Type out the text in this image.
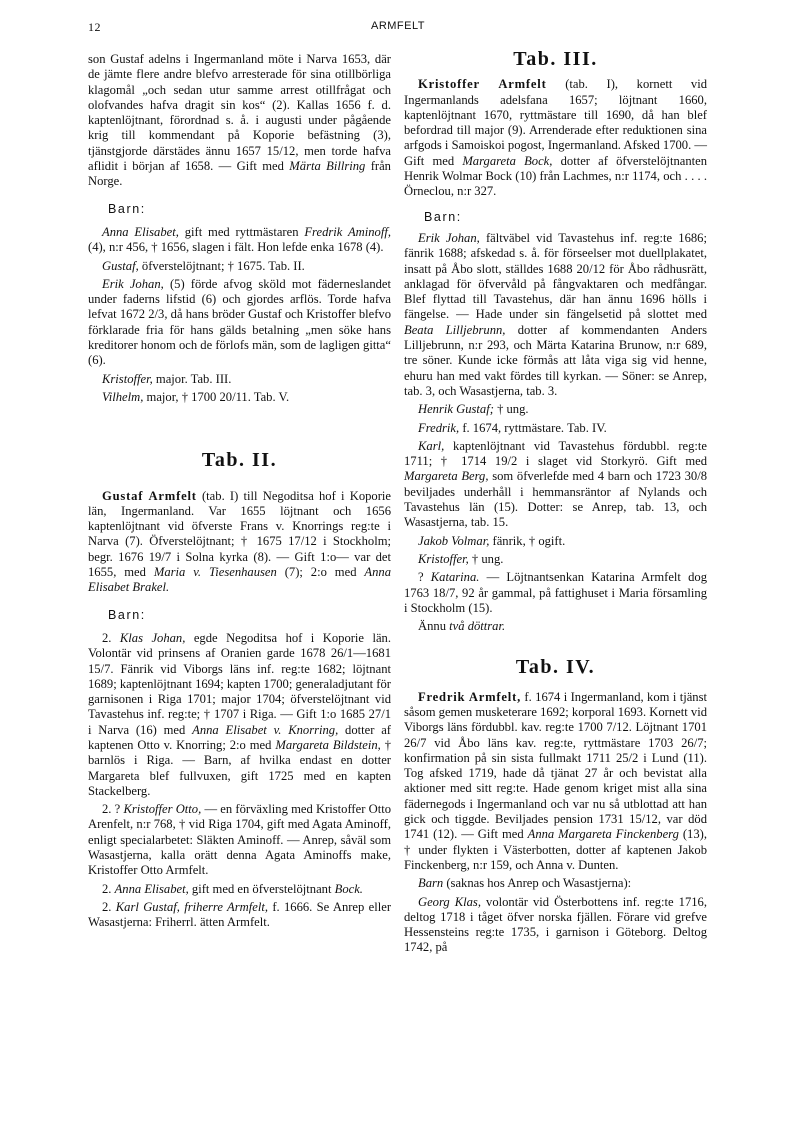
12	ARMFELT

son Gustaf adelns i Ingermanland möte i Narva 1653, där de jämte flere andre blefvo arresterade för sina otillbörliga klagomål „och sedan utur samme arrest otillfrågat och olofvandes hafva dragit sin kos“ (2). Kallas 1656 f. d. kaptenlöjtnant, förordnad s. å. i augusti under pågående krig till kommendant på Koporie befästning (3), tjänstgjorde därstädes ännu 1657 15/12, men torde hafva aflidit i början af 1658. — Gift med Märta Billring från Norge.

Barn:

Anna Elisabet, gift med ryttmästaren Fredrik Aminoff, (4), n:r 456, † 1656, slagen i fält. Hon lefde enka 1678 (4).

Gustaf, öfverstelöjtnant; † 1675. Tab. II.

Erik Johan, (5) förde afvog sköld mot fäderneslandet under faderns lifstid (6) och gjordes arflös. Torde hafva lefvat 1672 2/3, då hans bröder Gustaf och Kristoffer blefvo förklarade fria för hans gälds betalning „men söke hans kreditorer honom och de förlofs män, som de lagligen gitta“ (6).

Kristoffer, major. Tab. III.

Vilhelm, major, † 1700 20/11. Tab. V.

Tab. II.

Gustaf Armfelt (tab. I) till Negoditsa hof i Koporie län, Ingermanland. Var 1655 löjtnant och 1656 kaptenlöjtnant vid öfverste Frans v. Knorrings reg:te i Narva (7). Öfverstelöjtnant; † 1675 17/12 i Stockholm; begr. 1676 19/7 i Solna kyrka (8). — Gift 1:o— var det 1655, med Maria v. Tiesenhausen (7); 2:o med Anna Elisabet Brakel.

Barn:

2. Klas Johan, egde Negoditsa hof i Koporie län. Volontär vid prinsens af Oranien garde 1678 26/1—1681 15/7. Fänrik vid Viborgs läns inf. reg:te 1682; löjtnant 1689; kaptenlöjtnant 1694; kapten 1700; generaladjutant för garnisonen i Riga 1701; major 1704; öfverstelöjtnant vid Tavastehus inf. reg:te; † 1707 i Riga. — Gift 1:o 1685 27/1 i Narva (16) med Anna Elisabet v. Knorring, dotter af kaptenen Otto v. Knorring; 2:o med Margareta Bildstein, † barnlös i Riga. — Barn, af hvilka endast en dotter Margareta blef fullvuxen, gift 1725 med en kapten Stackelberg.

2. ? Kristoffer Otto, — en förväxling med Kristoffer Otto Arenfelt, n:r 768, † vid Riga 1704, gift med Agata Aminoff, enligt specialarbetet: Släkten Aminoff. — Anrep, såväl som Wasastjerna, kalla orätt denna Agata Aminoffs make, Kristoffer Otto Armfelt.

2. Anna Elisabet, gift med en öfverstelöjtnant Bock.

2. Karl Gustaf, friherre Armfelt, f. 1666. Se Anrep eller Wasastjerna: Friherrl. ätten Armfelt.

Tab. III.

Kristoffer Armfelt (tab. I), kornett vid Ingermanlands adelsfana 1657; löjtnant 1660, kaptenlöjtnant 1670, ryttmästare till 1690, då han blef befordrad till major (9). Arrenderade efter reduktionen sina arfgods i Samoiskoi pogost, Ingermanland. Afsked 1700. — Gift med Margareta Bock, dotter af öfverstelöjtnanten Henrik Wolmar Bock (10) från Lachmes, n:r 1174, och . . . . Örneclou, n:r 327.

Barn:

Erik Johan, fältväbel vid Tavastehus inf. reg:te 1686; fänrik 1688; afskedad s. å. för förseelser mot duellplakatet, insatt på Åbo slott, ställdes 1688 20/12 för Åbo rådhusrätt, anklagad för öfvervåld på fångvaktaren och medfångar. Blef flyttad till Tavastehus, där han ännu 1696 hölls i fängelse. — Hade under sin fängelsetid på slottet med Beata Lilljebrunn, dotter af kommendanten Anders Lilljebrunn, n:r 293, och Märta Katarina Brunow, n:r 689, tre söner. Kunde icke förmås att låta viga sig vid henne, ehuru han med vakt fördes till kyrkan. — Söner: se Anrep, tab. 3, och Wasastjerna, tab. 3.

Henrik Gustaf; † ung.

Fredrik, f. 1674, ryttmästare. Tab. IV.

Karl, kaptenlöjtnant vid Tavastehus fördubbl. reg:te 1711; † 1714 19/2 i slaget vid Storkyrö. Gift med Margareta Berg, som öfverlefde med 4 barn och 1723 30/8 beviljades underhåll i hemmansräntor af Nylands och Tavastehus län (15). Dotter: se Anrep, tab. 13, och Wasastjerna, tab. 15.

Jakob Volmar, fänrik, † ogift.

Kristoffer, † ung.

? Katarina. — Löjtnantsenkan Katarina Armfelt dog 1763 18/7, 92 år gammal, på fattighuset i Maria församling i Stockholm (15).

Ännu två döttrar.

Tab. IV.

Fredrik Armfelt, f. 1674 i Ingermanland, kom i tjänst såsom gemen musketerare 1692; korporal 1693. Kornett vid Viborgs läns fördubbl. kav. reg:te 1700 7/12. Löjtnant 1701 26/7 vid Åbo läns kav. reg:te, ryttmästare 1703 26/7; konfirmation på sin sista fullmakt 1711 25/2 i Lund (11). Tog afsked 1719, hade då tjänat 27 år och bevistat alla aktioner med sitt reg:te. Hade genom kriget mist alla sina fädernegods i Ingermanland och var nu så utblottad att han gick och tiggde. Beviljades pension 1731 15/12, var död 1741 (12). — Gift med Anna Margareta Finckenberg (13), † under flykten i Västerbotten, dotter af kaptenen Jakob Finckenberg, n:r 159, och Anna v. Dunten.

Barn (saknas hos Anrep och Wasastjerna):

Georg Klas, volontär vid Österbottens inf. reg:te 1716, deltog 1718 i tåget öfver norska fjällen. Förare vid grefve Hessensteins reg:te 1735, i garnison i Göteborg. Deltog 1742, på
